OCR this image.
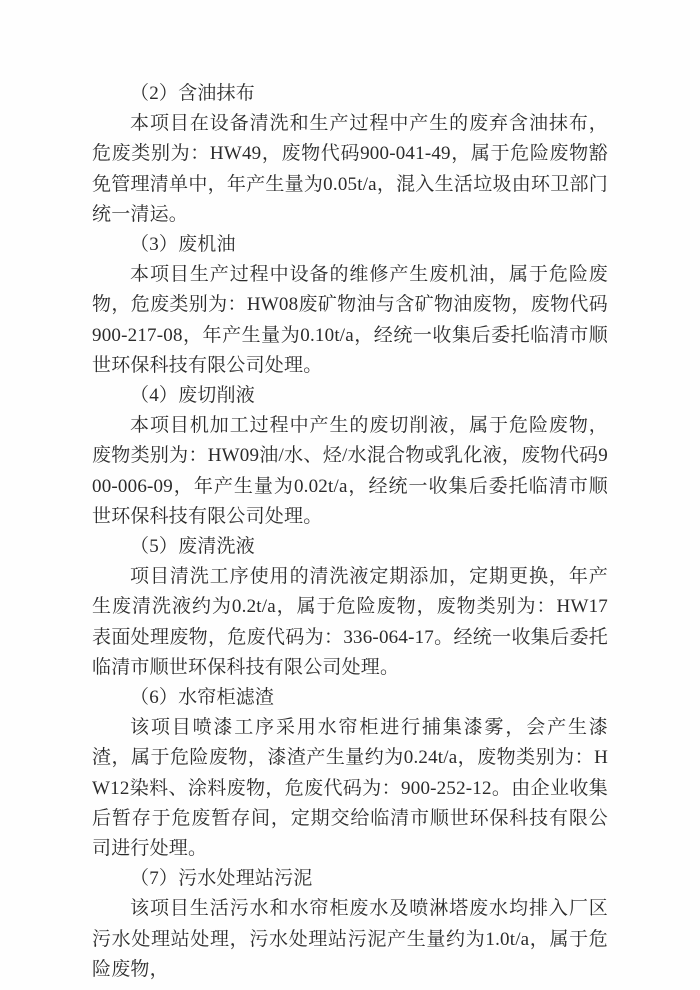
（2）含油抹布

本项目在设备清洗和生产过程中产生的废弃含油抹布，危废类别为：HW49，废物代码900-041-49，属于危险废物豁免管理清单中，年产生量为0.05t/a，混入生活垃圾由环卫部门统一清运。

（3）废机油

本项目生产过程中设备的维修产生废机油，属于危险废物，危废类别为：HW08废矿物油与含矿物油废物，废物代码900-217-08，年产生量为0.10t/a，经统一收集后委托临清市顺世环保科技有限公司处理。

（4）废切削液

本项目机加工过程中产生的废切削液，属于危险废物，废物类别为：HW09油/水、烃/水混合物或乳化液，废物代码900-006-09，年产生量为0.02t/a，经统一收集后委托临清市顺世环保科技有限公司处理。

（5）废清洗液

项目清洗工序使用的清洗液定期添加，定期更换，年产生废清洗液约为0.2t/a，属于危险废物，废物类别为：HW17表面处理废物，危废代码为：336-064-17。经统一收集后委托临清市顺世环保科技有限公司处理。

（6）水帘柜滤渣

该项目喷漆工序采用水帘柜进行捕集漆雾，会产生漆渣，属于危险废物，漆渣产生量约为0.24t/a，废物类别为：HW12染料、涂料废物，危废代码为：900-252-12。由企业收集后暂存于危废暂存间，定期交给临清市顺世环保科技有限公司进行处理。

（7）污水处理站污泥

该项目生活污水和水帘柜废水及喷淋塔废水均排入厂区污水处理站处理，污水处理站污泥产生量约为1.0t/a，属于危险废物，
